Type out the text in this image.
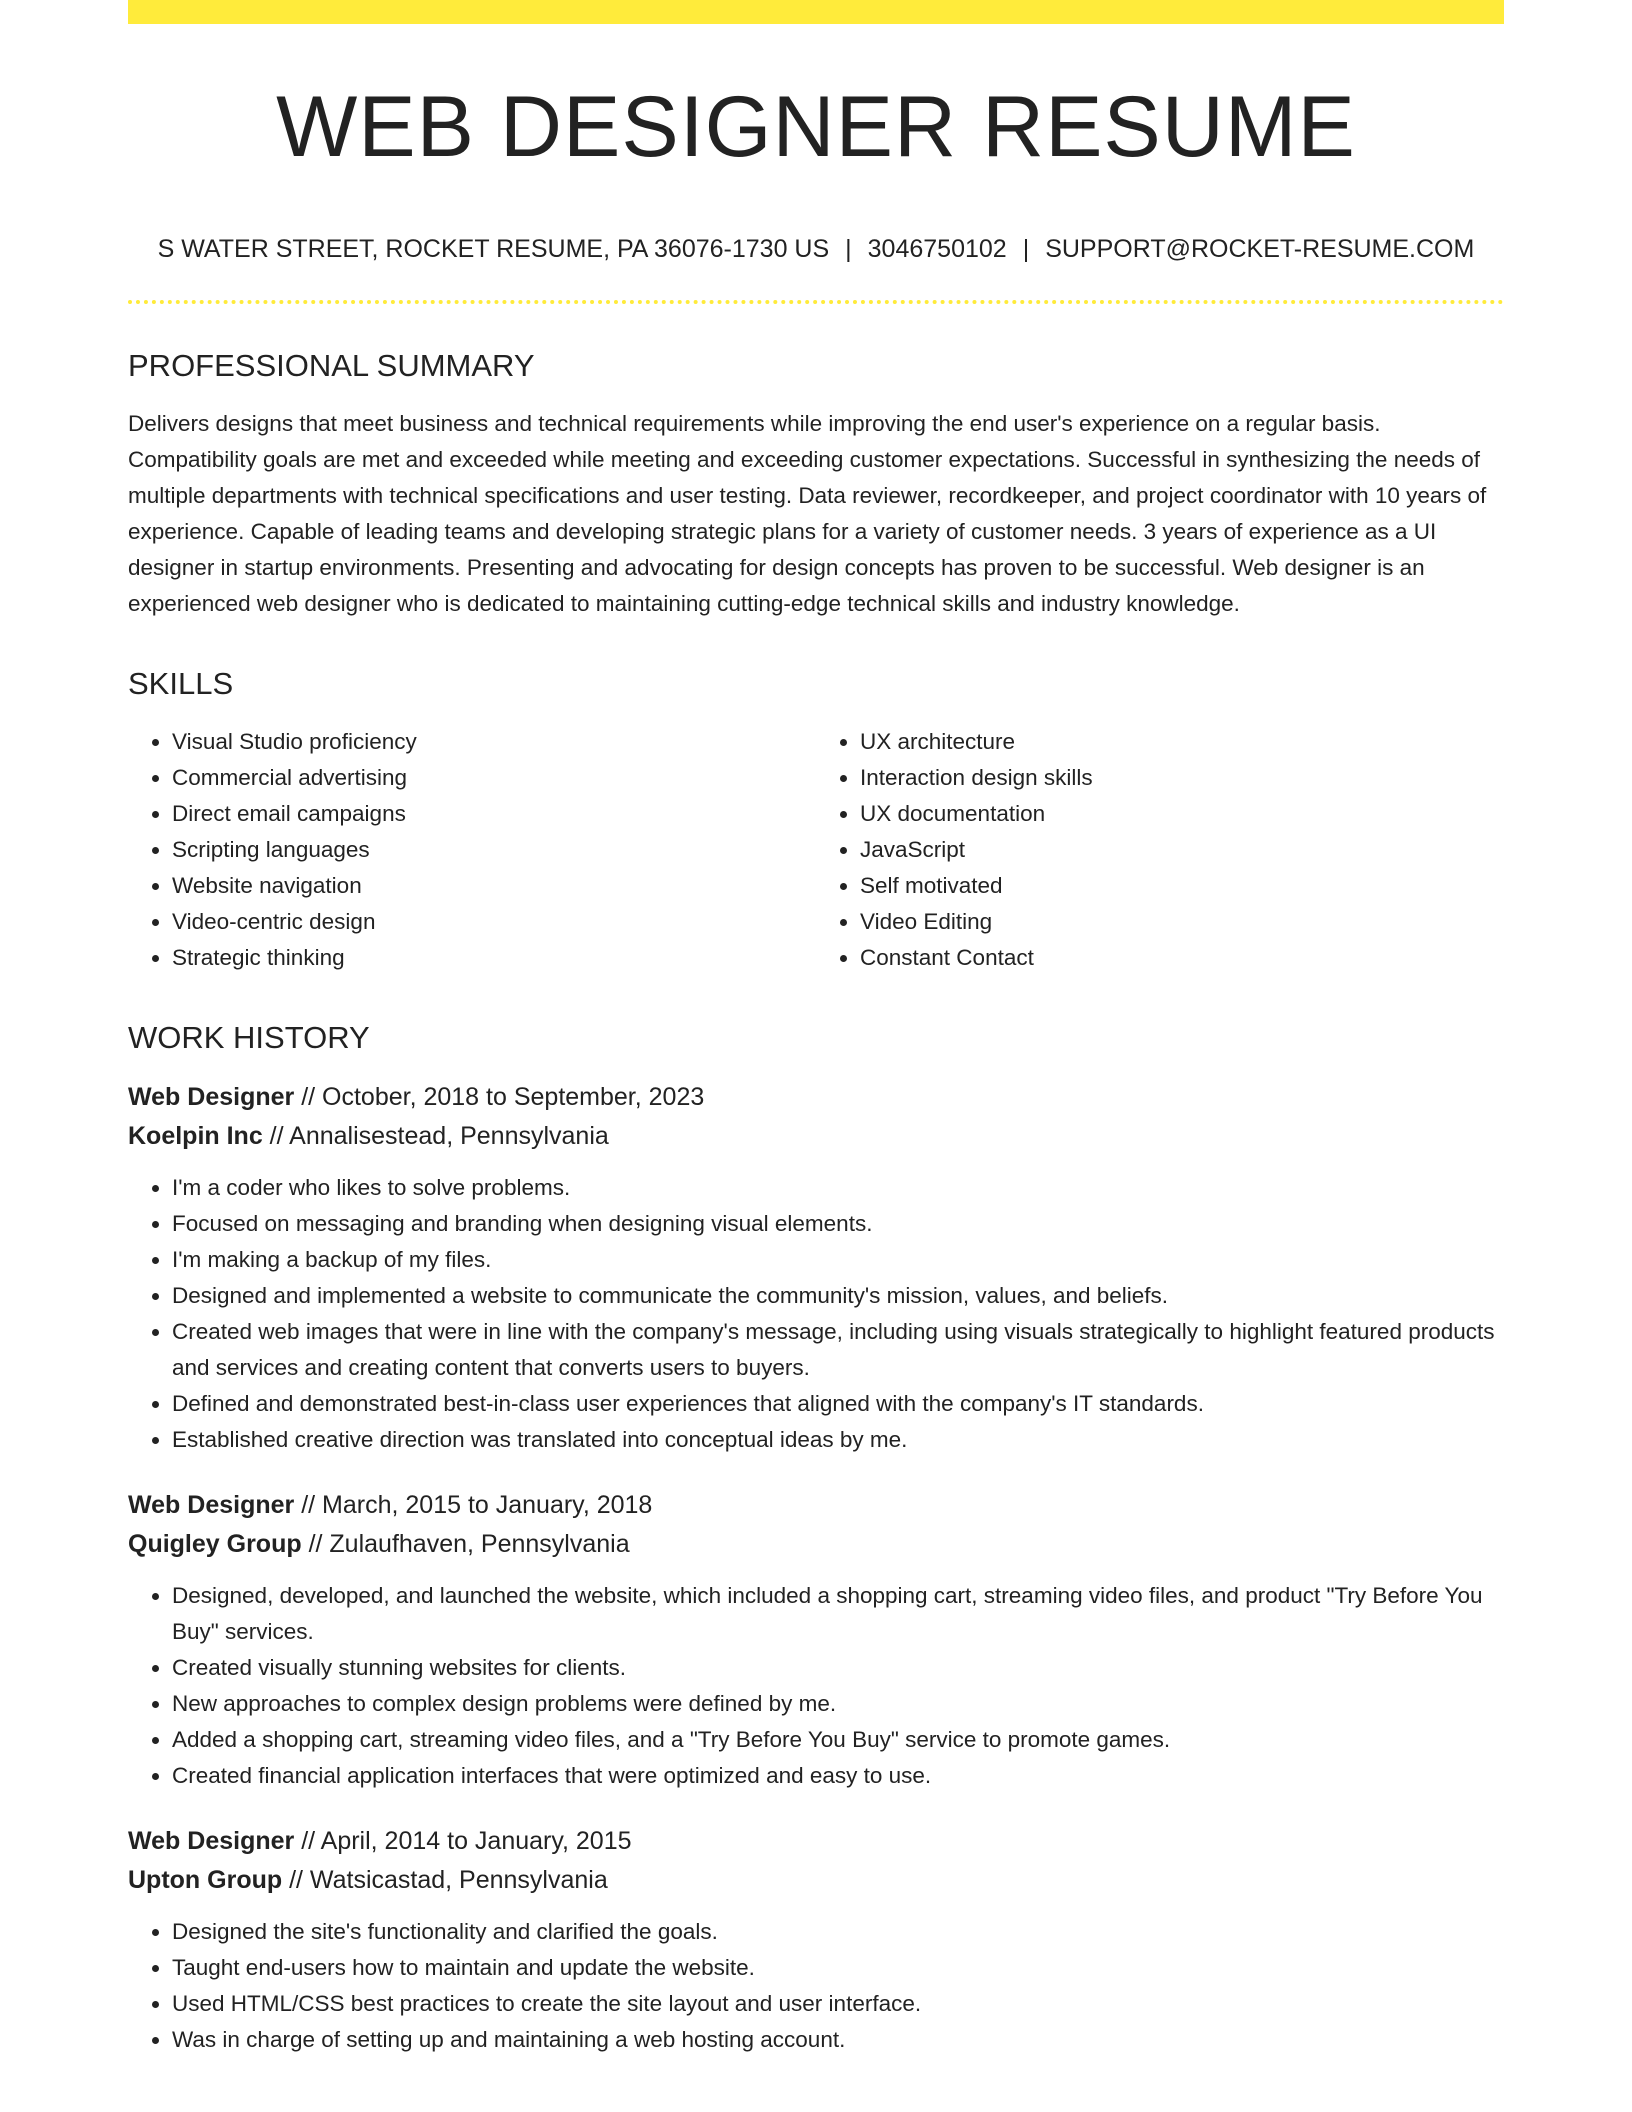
WEB DESIGNER RESUME
S WATER STREET, ROCKET RESUME, PA 36076-1730 US | 3046750102 | SUPPORT@ROCKET-RESUME.COM
PROFESSIONAL SUMMARY

Delivers designs that meet business and technical requirements while improving the end user's experience on a regular basis. Compatibility goals are met and exceeded while meeting and exceeding customer expectations. Successful in synthesizing the needs of multiple departments with technical specifications and user testing. Data reviewer, recordkeeper, and project coordinator with 10 years of experience. Capable of leading teams and developing strategic plans for a variety of customer needs. 3 years of experience as a UI designer in startup environments. Presenting and advocating for design concepts has proven to be successful. Web designer is an experienced web designer who is dedicated to maintaining cutting-edge technical skills and industry knowledge.

SKILLS
• Visual Studio proficiency
• Commercial advertising
• Direct email campaigns
• Scripting languages
• Website navigation
• Video-centric design
• Strategic thinking
• UX architecture
• Interaction design skills
• UX documentation
• JavaScript
• Self motivated
• Video Editing
• Constant Contact
WORK HISTORY
Web Designer // October, 2018 to September, 2023
Koelpin Inc // Annalisestead, Pennsylvania
• I'm a coder who likes to solve problems.
• Focused on messaging and branding when designing visual elements.
• I'm making a backup of my files.
• Designed and implemented a website to communicate the community's mission, values, and beliefs.
• Created web images that were in line with the company's message, including using visuals strategically to highlight featured products and services and creating content that converts users to buyers.
• Defined and demonstrated best-in-class user experiences that aligned with the company's IT standards.
• Established creative direction was translated into conceptual ideas by me.
Web Designer // March, 2015 to January, 2018
Quigley Group // Zulaufhaven, Pennsylvania
• Designed, developed, and launched the website, which included a shopping cart, streaming video files, and product "Try Before You Buy" services.
• Created visually stunning websites for clients.
• New approaches to complex design problems were defined by me.
• Added a shopping cart, streaming video files, and a "Try Before You Buy" service to promote games.
• Created financial application interfaces that were optimized and easy to use.
Web Designer // April, 2014 to January, 2015
Upton Group // Watsicastad, Pennsylvania
• Designed the site's functionality and clarified the goals.
• Taught end-users how to maintain and update the website.
• Used HTML/CSS best practices to create the site layout and user interface.
• Was in charge of setting up and maintaining a web hosting account.
